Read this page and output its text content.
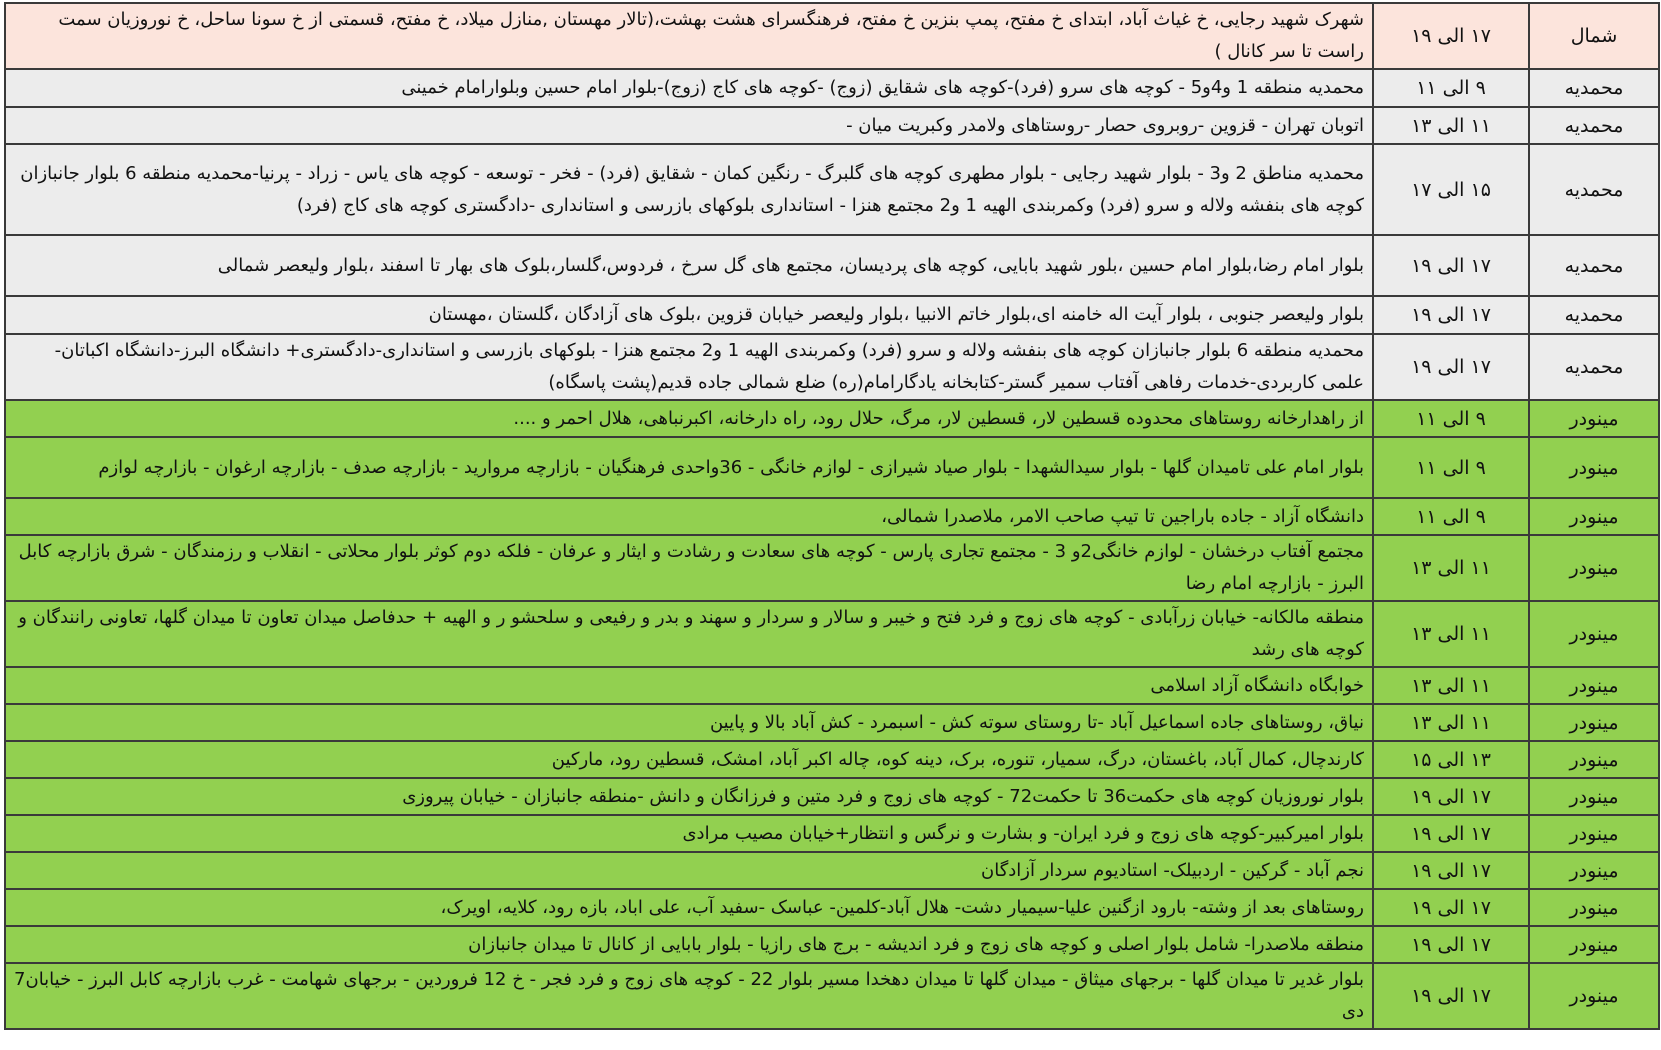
شمال	۱۷ الی ۱۹	شهرک شهید رجایی، خ غیاث آباد، ابتدای خ مفتح، پمپ بنزین خ مفتح، فرهنگسرای هشت بهشت،(تالار مهستان ,منازل میلاد، خ مفتح، قسمتی از خ سونا ساحل، خ نوروزیان سمت راست تا سر کانال )
محمدیه	۹ الی ۱۱	محمدیه منطقه 1 و4و5 - کوچه های سرو (فرد)-کوچه های شقایق (زوج) -کوچه های کاج (زوج)-بلوار امام حسین وبلوارامام خمینی
محمدیه	۱۱ الی ۱۳	اتوبان تهران - قزوین -روبروی حصار -روستاهای ولامدر وکبریت میان -
محمدیه	۱۵ الی ۱۷	محمدیه مناطق 2 و3 - بلوار شهید رجایی - بلوار مطهری کوچه های گلبرگ - رنگین کمان - شقایق (فرد) - فخر - توسعه - کوچه های یاس - زراد - پرنیا-محمدیه منطقه 6 بلوار جانبازان کوچه های بنفشه ولاله و سرو (فرد) وکمربندی الهیه 1 و2 مجتمع هنزا - استانداری بلوکهای بازرسی و استانداری -دادگستری کوچه های کاج (فرد)
محمدیه	۱۷ الی ۱۹	بلوار امام رضا،بلوار امام حسین ،بلور شهید بابایی، کوچه های پردیسان، مجتمع های گل سرخ ، فردوس،گلسار،بلوک های بهار تا اسفند ،بلوار ولیعصر شمالی
محمدیه	۱۷ الی ۱۹	بلوار ولیعصر جنوبی ، بلوار آیت اله خامنه ای،بلوار خاتم الانبیا ،بلوار ولیعصر خیابان قزوین ،بلوک های آزادگان ،گلستان ،مهستان
محمدیه	۱۷ الی ۱۹	محمدیه منطقه 6 بلوار جانبازان کوچه های بنفشه ولاله و سرو (فرد) وکمربندی الهیه 1 و2 مجتمع هنزا - بلوکهای بازرسی و استانداری-دادگستری+ دانشگاه البرز-دانشگاه اکباتان-علمی کاربردی-خدمات رفاهی آفتاب سمیر گستر-کتابخانه یادگارامام(ره) ضلع شمالی جاده قدیم(پشت پاسگاه)
مینودر	۹ الی ۱۱	از راهدارخانه روستاهای محدوده قسطین لار، قسطین لار، مرگ، حلال رود، راه دارخانه، اکبرنباهی، هلال احمر و ....
مینودر	۹ الی ۱۱	بلوار امام علی تامیدان گلها - بلوار سیدالشهدا - بلوار صیاد شیرازی - لوازم خانگی - 36واحدی فرهنگیان - بازارچه مروارید - بازارچه صدف - بازارچه ارغوان - بازارچه لوازم
مینودر	۹ الی ۱۱	دانشگاه آزاد - جاده باراجین تا تیپ صاحب الامر، ملاصدرا شمالی،
مینودر	۱۱ الی ۱۳	مجتمع آفتاب درخشان - لوازم خانگی2و 3 - مجتمع تجاری پارس - کوچه های سعادت و رشادت و ایثار و عرفان - فلکه دوم کوثر بلوار محلاتی - انقلاب و رزمندگان - شرق بازارچه کابل البرز - بازارچه امام رضا
مینودر	۱۱ الی ۱۳	منطقه مالکانه- خیابان زرآبادی - کوچه های زوج و فرد فتح و خیبر و سالار و سردار و سهند و بدر و رفیعی و سلحشو ر و الهیه + حدفاصل میدان تعاون تا میدان گلها، تعاونی رانندگان و کوچه های رشد
مینودر	۱۱ الی ۱۳	خوابگاه دانشگاه آزاد اسلامی
مینودر	۱۱ الی ۱۳	نیاق، روستاهای جاده اسماعیل آباد -تا روستای سوته کش - اسبمرد - کش آباد بالا و پایین
مینودر	۱۳ الی ۱۵	کارندچال، کمال آباد، باغستان، درگ، سمیار، تنوره، برک، دینه کوه، چاله اکبر آباد، امشک، قسطین رود، مارکین
مینودر	۱۷ الی ۱۹	بلوار نوروزیان کوچه های حکمت36 تا حکمت72 - کوچه های زوج و فرد متین و فرزانگان و دانش -منطقه جانبازان - خیابان پیروزی
مینودر	۱۷ الی ۱۹	بلوار امیرکبیر-کوچه های زوج و فرد ایران- و بشارت و نرگس و انتظار+خیابان مصیب مرادی
مینودر	۱۷ الی ۱۹	نجم آباد - گرکین - اردبیلک- استادیوم سردار آزادگان
مینودر	۱۷ الی ۱۹	روستاهای بعد از وشته- بارود ازگنین علیا-سیمیار دشت- هلال آباد-کلمین- عباسک -سفید آب، علی اباد، بازه رود، کلایه، اویرک،
مینودر	۱۷ الی ۱۹	منطقه ملاصدرا- شامل بلوار اصلی و کوچه های زوج و فرد اندیشه - برج های رازیا - بلوار بابایی از کانال تا میدان جانبازان
مینودر	۱۷ الی ۱۹	بلوار غدیر تا میدان گلها - برجهای میثاق - میدان گلها تا میدان دهخدا مسیر بلوار 22 - کوچه های زوج و فرد فجر - خ 12 فروردین - برجهای شهامت - غرب بازارچه کابل البرز - خیابان7 دی
